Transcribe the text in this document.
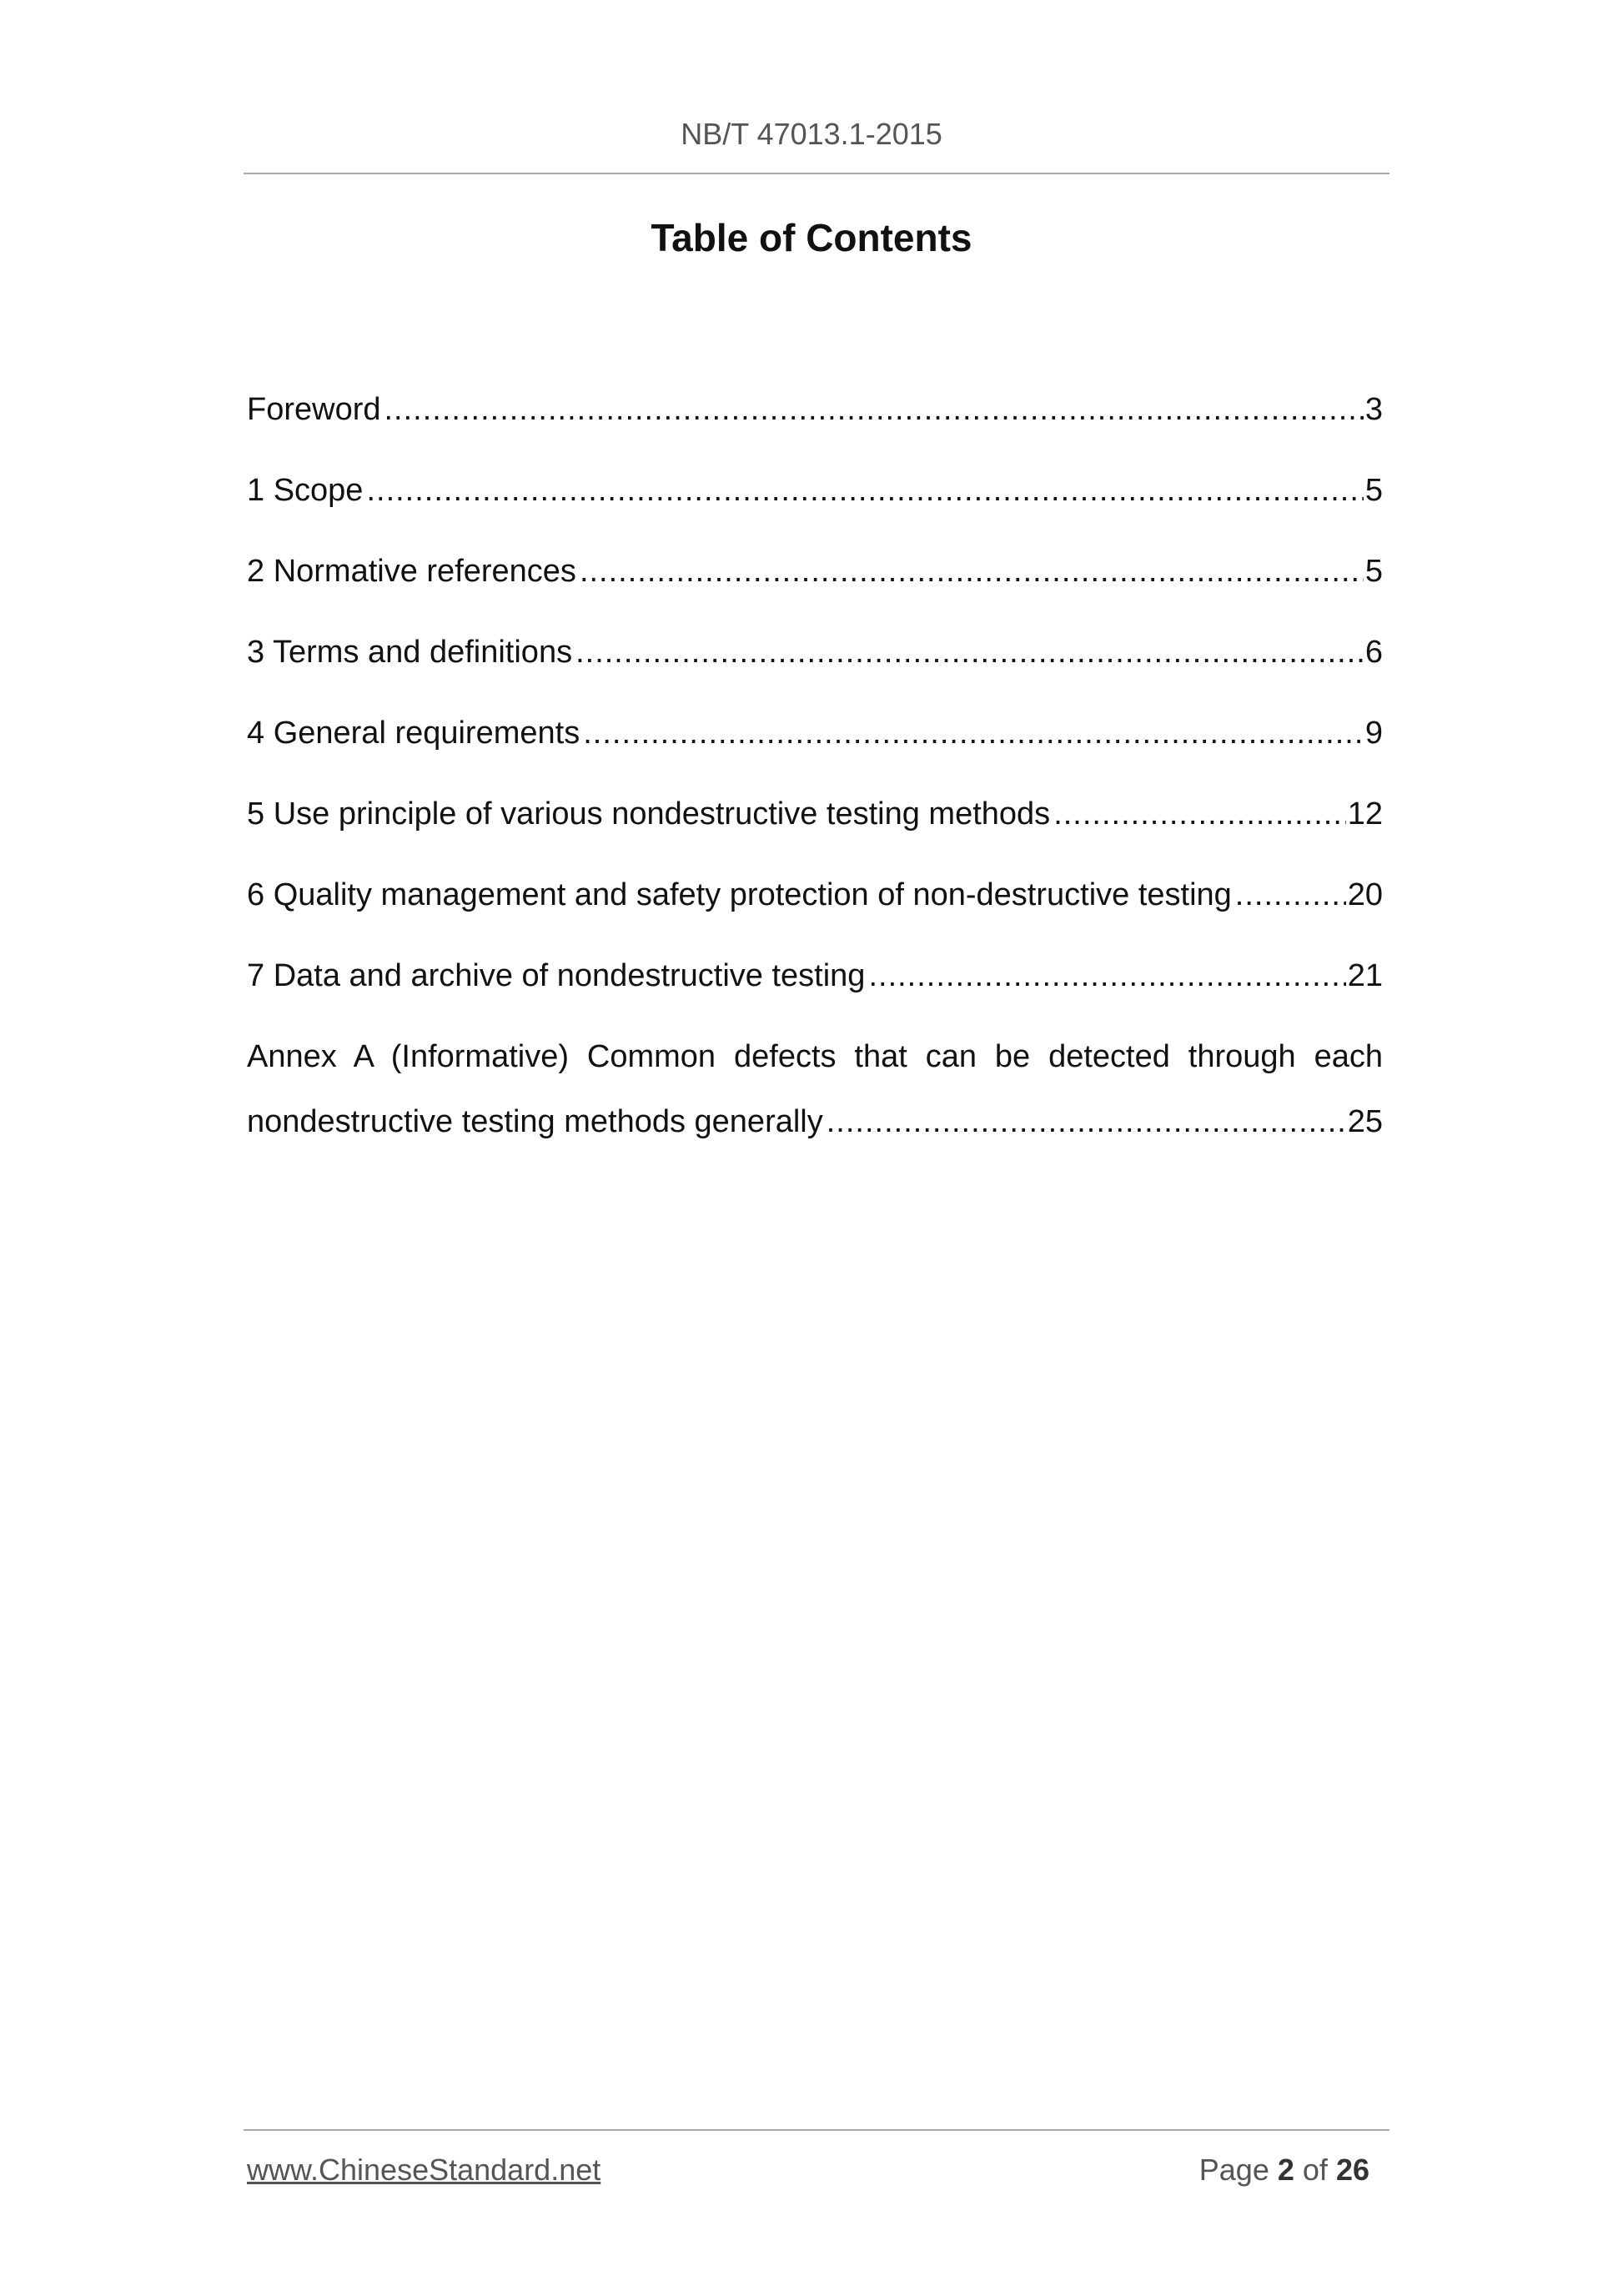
NB/T 47013.1-2015
Table of Contents
Foreword .....	3
1 Scope .....	5
2 Normative references .....	5
3 Terms and definitions .....	6
4 General requirements .....	9
5 Use principle of various nondestructive testing methods .....	12
6 Quality management and safety protection of non-destructive testing .....	20
7 Data and archive of nondestructive testing .....	21
Annex A (Informative) Common defects that can be detected through each
nondestructive testing methods generally .....	25
www.ChineseStandard.net	Page 2 of 26
